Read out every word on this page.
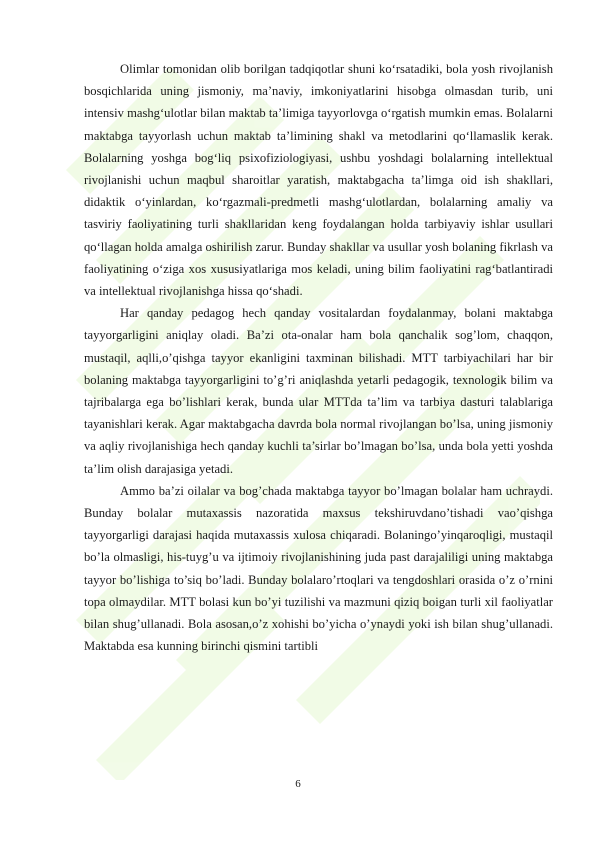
Olimlar tomonidan olib borilgan tadqiqotlar shuni ko‘rsatadiki, bola yosh rivojlanish bosqichlarida uning jismoniy, ma’naviy, imkoniyatlarini hisobga olmasdan turib, uni intensiv mashg‘ulotlar bilan maktab ta’limiga tayyorlovga o‘rgatish mumkin emas. Bolalarni maktabga tayyorlash uchun maktab ta’limining shakl va metodlarini qo‘llamaslik kerak. Bolalarning yoshga bog‘liq psixofiziologiyasi, ushbu yoshdagi bolalarning intellektual rivojlanishi uchun maqbul sharoitlar yaratish, maktabgacha ta’limga oid ish shakllari, didaktik o‘yinlardan, ko‘rgazmali-predmetli mashg‘ulotlardan, bolalarning amaliy va tasviriy faoliyatining turli shakllaridan keng foydalangan holda tarbiyaviy ishlar usullari qo‘llagan holda amalga oshirilish zarur. Bunday shakllar va usullar yosh bolaning fikrlash va faoliyatining o‘ziga xos xususiyatlariga mos keladi, uning bilim faoliyatini rag‘batlantiradi va intellektual rivojlanishga hissa qo‘shadi.

Har qanday pedagog hech qanday vositalardan foydalanmay, bolani maktabga tayyorgarligini aniqlay oladi. Ba’zi ota-onalar ham bola qanchalik sog’lom, chaqqon, mustaqil, aqlli,o’qishga tayyor ekanligini taxminan bilishadi. MTT tarbiyachilari har bir bolaning maktabga tayyorgarligini to’g’ri aniqlashda yetarli pedagogik, texnologik bilim va tajribalarga ega bo’lishlari kerak, bunda ular MTTda ta’lim va tarbiya dasturi talablariga tayanishlari kerak. Agar maktabgacha davrda bola normal rivojlangan bo’lsa, uning jismoniy va aqliy rivojlanishiga hech qanday kuchli ta’sirlar bo’lmagan bo’lsa, unda bola yetti yoshda ta’lim olish darajasiga yetadi.

Ammo ba’zi oilalar va bog’chada maktabga tayyor bo’lmagan bolalar ham uchraydi. Bunday bolalar mutaxassis nazoratida maxsus tekshiruvdano’tishadi vao’qishga tayyorgarligi darajasi haqida mutaxassis xulosa chiqaradi. Bolaningo’yinqaroqligi, mustaqil bo’la olmasligi, his-tuyg’u va ijtimoiy rivojlanishining juda past darajaliligi uning maktabga tayyor bo’lishiga to’siq bo’ladi. Bunday bolalaro’rtoqlari va tengdoshlari orasida o’z o’rnini topa olmaydilar. MTT bolasi kun bo’yi tuzilishi va mazmuni qiziq boigan turli xil faoliyatlar bilan shug’ullanadi. Bola asosan,o’z xohishi bo’yicha o’ynaydi yoki ish bilan shug’ullanadi. Maktabda esa kunning birinchi qismini tartibli

6
